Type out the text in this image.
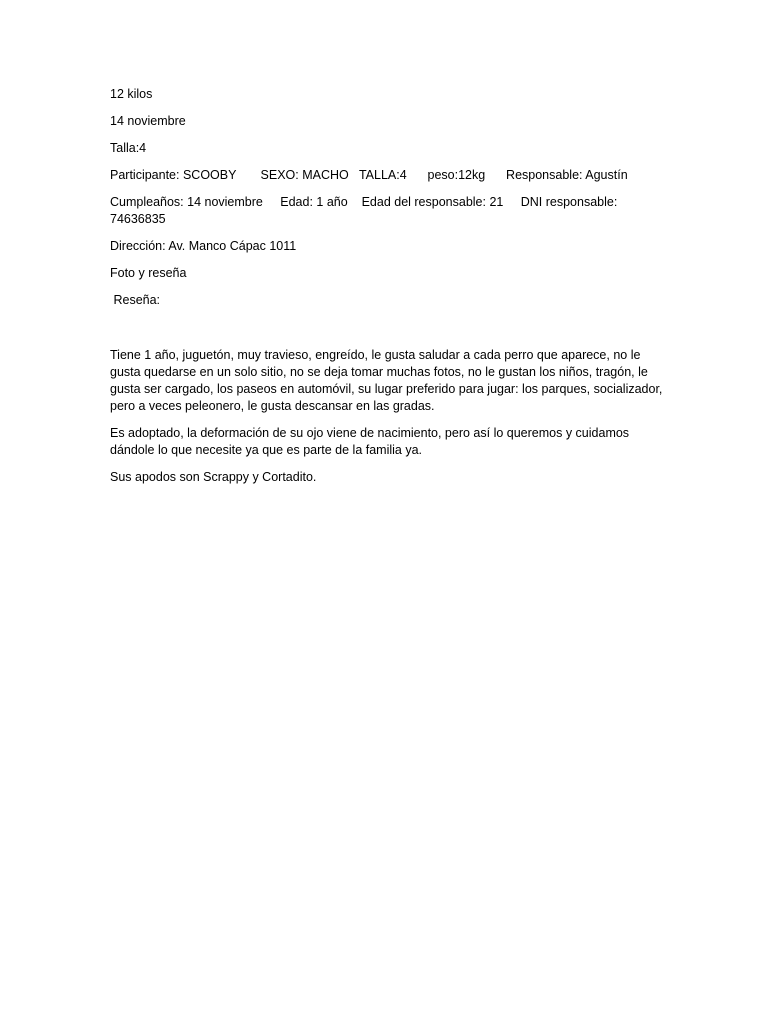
12 kilos

14 noviembre

Talla:4

Participante: SCOOBY SEXO: MACHO TALLA:4 peso:12kg Responsable: Agustín

Cumpleaños: 14 noviembre Edad: 1 año Edad del responsable: 21 DNI responsable:
74636835

Dirección: Av. Manco Cápac 1011

Foto y reseña

Reseña:

Tiene 1 año, juguetón, muy travieso, engreído, le gusta saludar a cada perro que aparece, no le gusta quedarse en un solo sitio, no se deja tomar muchas fotos, no le gustan los niños, tragón, le gusta ser cargado, los paseos en automóvil, su lugar preferido para jugar: los parques, socializador, pero a veces peleonero, le gusta descansar en las gradas.

Es adoptado, la deformación de su ojo viene de nacimiento, pero así lo queremos y cuidamos dándole lo que necesite ya que es parte de la familia ya.

Sus apodos son Scrappy y Cortadito.
